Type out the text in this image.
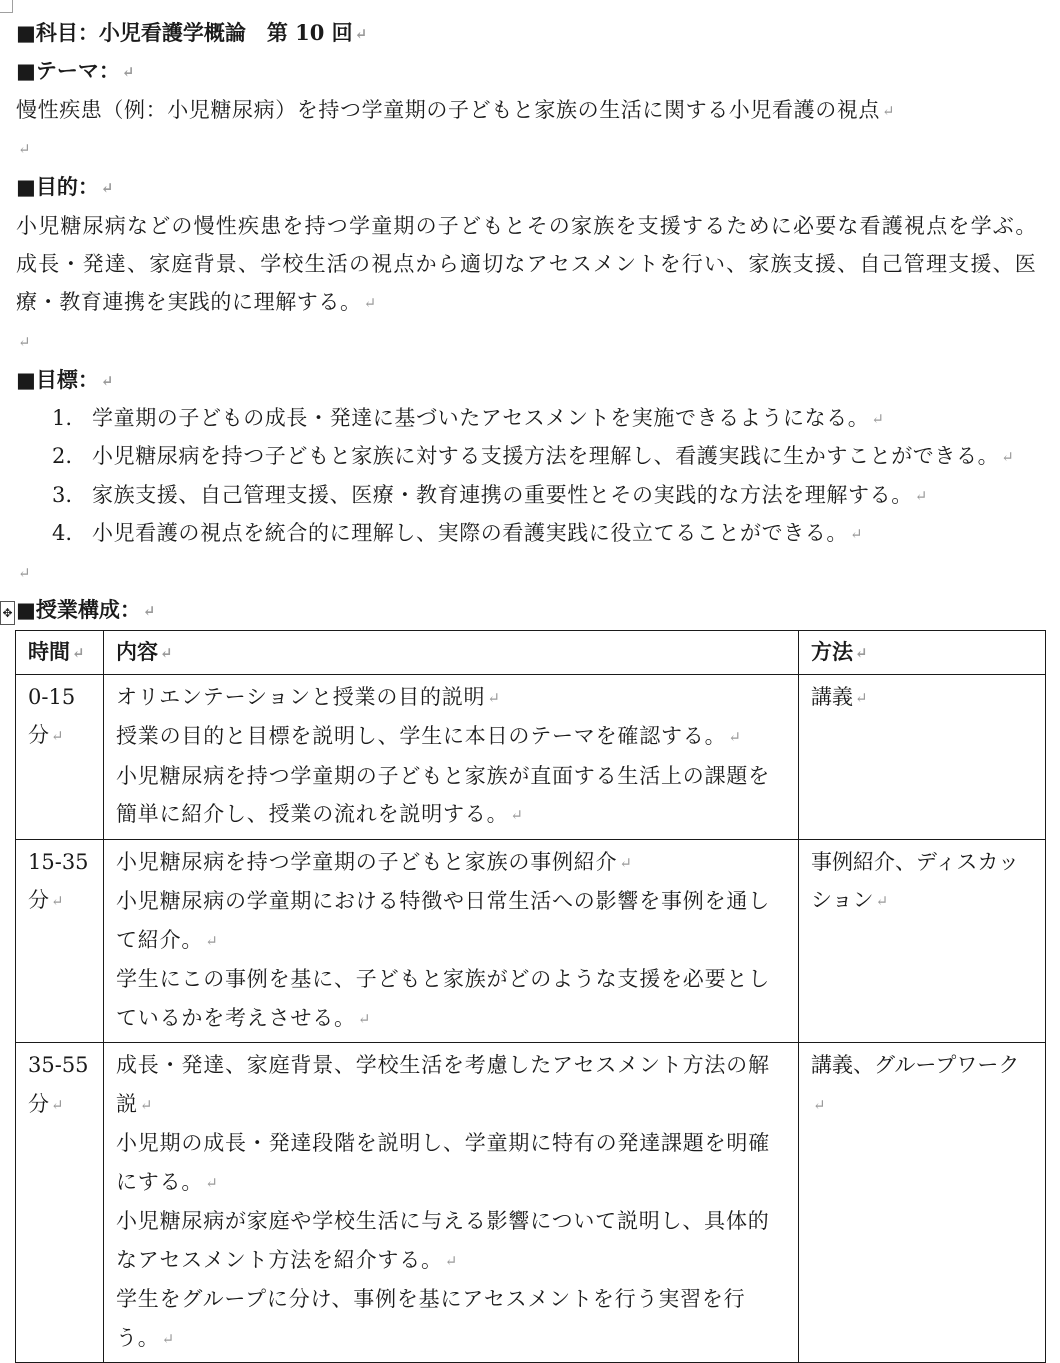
■科目：小児看護学概論　第 10 回 ↵
■テーマ： ↵
慢性疾患（例：小児糖尿病）を持つ学童期の子どもと家族の生活に関する小児看護の視点 ↵
↵
■目的： ↵
小児糖尿病などの慢性疾患を持つ学童期の子どもとその家族を支援するために必要な看護視点を学ぶ。
成長・発達、家庭背景、学校生活の視点から適切なアセスメントを行い、家族支援、自己管理支援、医
療・教育連携を実践的に理解する。 ↵
↵
■目標： ↵
1. 学童期の子どもの成長・発達に基づいたアセスメントを実施できるようになる。 ↵
2. 小児糖尿病を持つ子どもと家族に対する支援方法を理解し、看護実践に生かすことができる。 ↵
3. 家族支援、自己管理支援、医療・教育連携の重要性とその実践的な方法を理解する。 ↵
4. 小児看護の視点を統合的に理解し、実際の看護実践に役立てることができる。 ↵
↵
✥ ■授業構成： ↵
時間 ↵	内容 ↵	方法 ↵
0-15分 ↵	オリエンテーションと授業の目的説明 ↵
授業の目的と目標を説明し、学生に本日のテーマを確認する。 ↵
小児糖尿病を持つ学童期の子どもと家族が直面する生活上の課題を簡単に紹介し、授業の流れを説明する。 ↵	講義 ↵
15-35分 ↵	小児糖尿病を持つ学童期の子どもと家族の事例紹介 ↵
小児糖尿病の学童期における特徴や日常生活への影響を事例を通して紹介。 ↵
学生にこの事例を基に、子どもと家族がどのような支援を必要としているかを考えさせる。 ↵	事例紹介、ディスカッション ↵
35-55分 ↵	成長・発達、家庭背景、学校生活を考慮したアセスメント方法の解説 ↵
小児期の成長・発達段階を説明し、学童期に特有の発達課題を明確にする。 ↵
小児糖尿病が家庭や学校生活に与える影響について説明し、具体的なアセスメント方法を紹介する。 ↵
学生をグループに分け、事例を基にアセスメントを行う実習を行う。 ↵	講義、グループワーク↵
